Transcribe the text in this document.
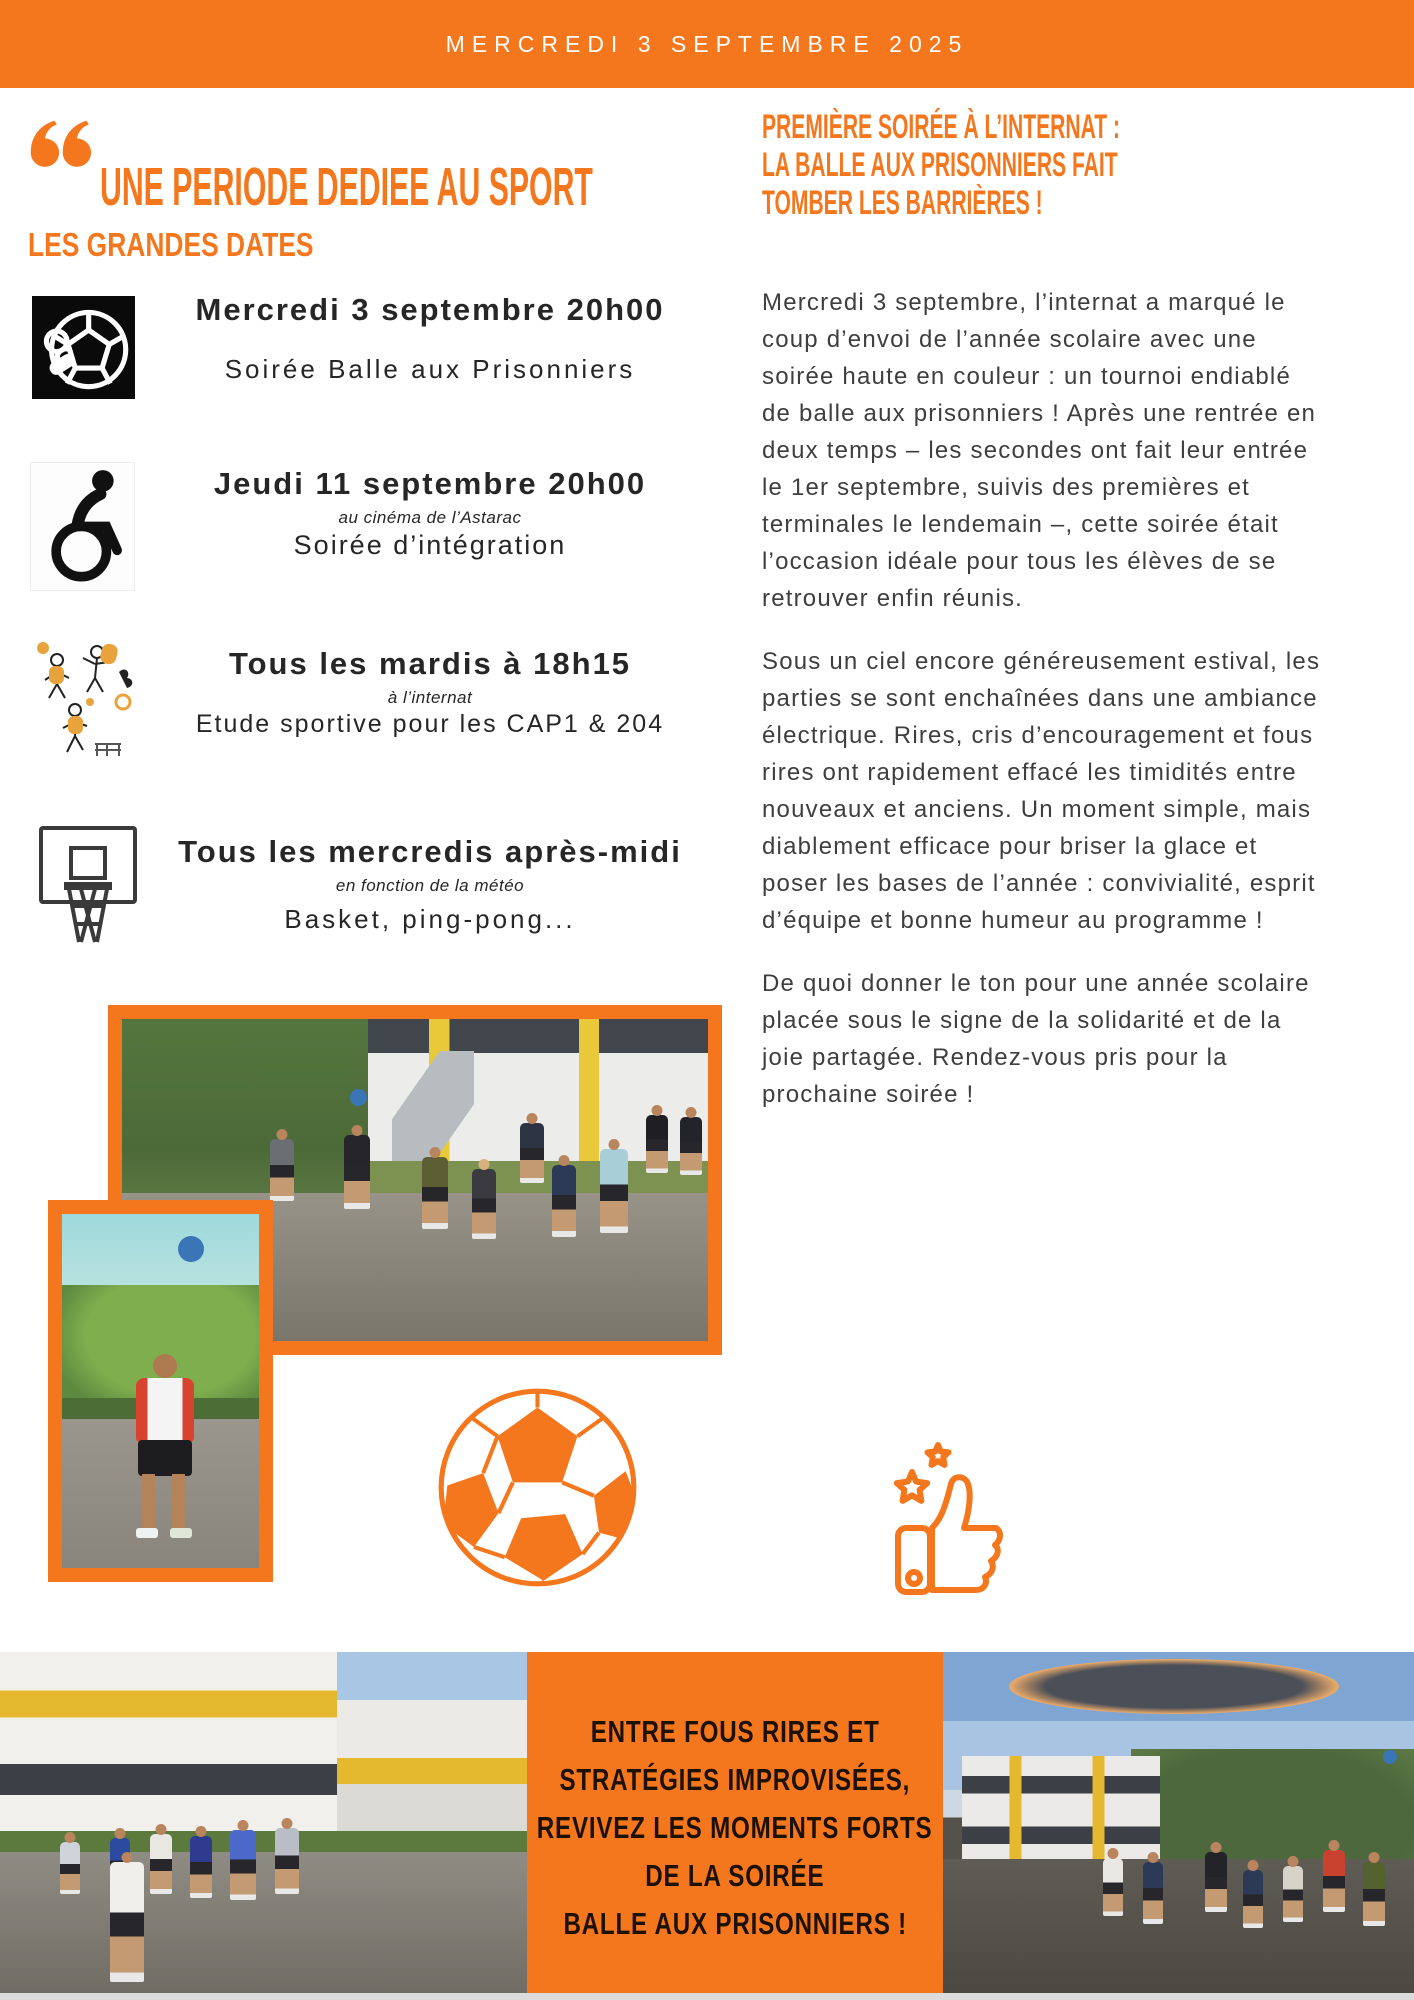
MERCREDI 3 SEPTEMBRE 2025
UNE PERIODE DEDIEE AU SPORT
LES GRANDES DATES
Mercredi 3 septembre 20h00
Soirée Balle aux Prisonniers
Jeudi 11 septembre 20h00
au cinéma de l’Astarac
Soirée d’intégration
Tous les mardis à 18h15
à l’internat
Etude sportive pour les CAP1 & 204
Tous les mercredis après-midi
en fonction de la météo
Basket, ping-pong...
PREMIÈRE SOIRÉE À L’INTERNAT :
LA BALLE AUX PRISONNIERS FAIT
TOMBER LES BARRIÈRES !

Mercredi 3 septembre, l’internat a marqué le coup d’envoi de l’année scolaire avec une soirée haute en couleur : un tournoi endiablé de balle aux prisonniers ! Après une rentrée en deux temps – les secondes ont fait leur entrée le 1er septembre, suivis des premières et terminales le lendemain –, cette soirée était l’occasion idéale pour tous les élèves de se retrouver enfin réunis.

Sous un ciel encore généreusement estival, les parties se sont enchaînées dans une ambiance électrique. Rires, cris d’encouragement et fous rires ont rapidement effacé les timidités entre nouveaux et anciens. Un moment simple, mais diablement efficace pour briser la glace et poser les bases de l’année : convivialité, esprit d’équipe et bonne humeur au programme !

De quoi donner le ton pour une année scolaire placée sous le signe de la solidarité et de la joie partagée. Rendez-vous pris pour la prochaine soirée !

ENTRE FOUS RIRES ET
STRATÉGIES IMPROVISÉES,
REVIVEZ LES MOMENTS FORTS
DE LA SOIRÉE
BALLE AUX PRISONNIERS !
